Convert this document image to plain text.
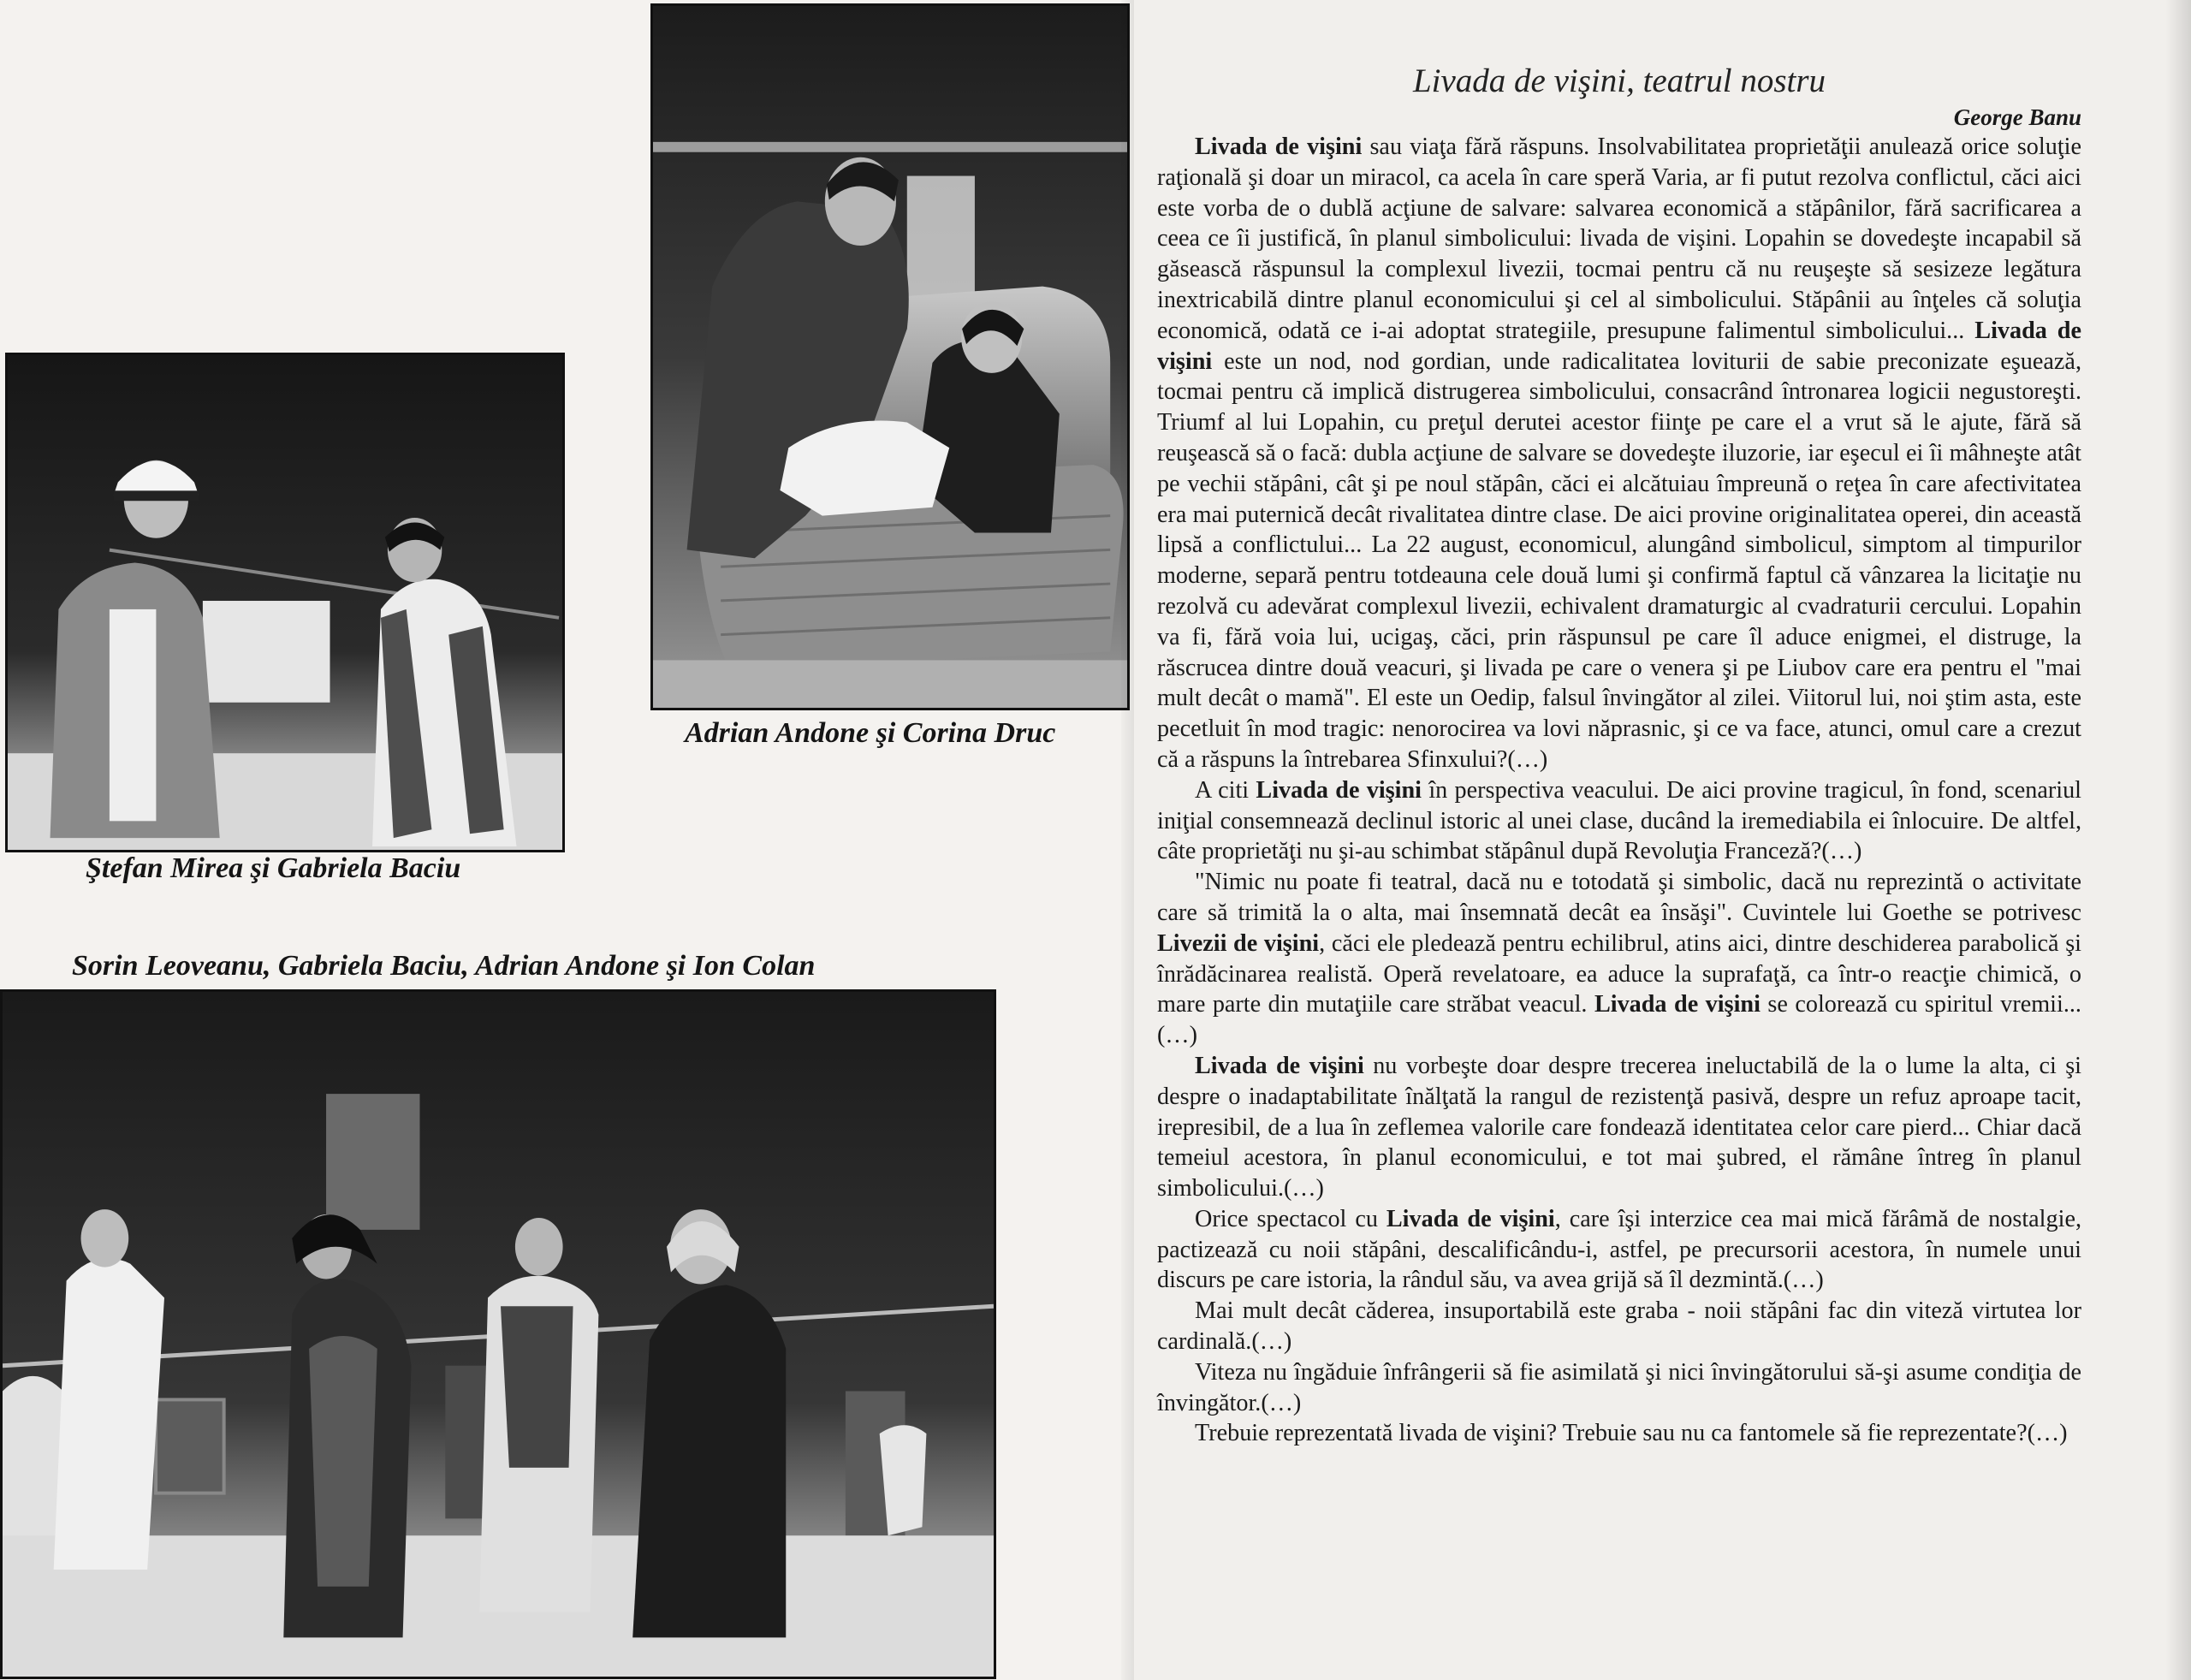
Adrian Andone şi Corina Druc
Ştefan Mirea şi Gabriela Baciu
Sorin Leoveanu, Gabriela Baciu, Adrian Andone şi Ion Colan
Livada de vişini, teatrul nostru
George Banu

Livada de vişini sau viaţa fără răspuns. Insolvabilitatea proprietăţii anulează orice soluţie raţională şi doar un miracol, ca acela în care speră Varia, ar fi putut rezolva conflictul, căci aici este vorba de o dublă acţiune de salvare: salvarea economică a stăpânilor, fără sacrificarea a ceea ce îi justifică, în planul simbolicului: livada de vişini. Lopahin se dovedeşte incapabil să găsească răspunsul la complexul livezii, tocmai pentru că nu reuşeşte să sesizeze legătura inextricabilă dintre planul economicului şi cel al simbolicului. Stăpânii au înţeles că soluţia economică, odată ce i-ai adoptat strategiile, presupune falimentul simbolicului... Livada de vişini este un nod, nod gordian, unde radicalitatea loviturii de sabie preconizate eşuează, tocmai pentru că implică distrugerea simbolicului, consacrând întronarea logicii negustoreşti. Triumf al lui Lopahin, cu preţul derutei acestor fiinţe pe care el a vrut să le ajute, fără să reuşească să o facă: dubla acţiune de salvare se dovedeşte iluzorie, iar eşecul ei îi mâhneşte atât pe vechii stăpâni, cât şi pe noul stăpân, căci ei alcătuiau împreună o reţea în care afectivitatea era mai puternică decât rivalitatea dintre clase. De aici provine originalitatea operei, din această lipsă a conflictului... La 22 august, economicul, alungând simbolicul, simptom al timpurilor moderne, separă pentru totdeauna cele două lumi şi confirmă faptul că vânzarea la licitaţie nu rezolvă cu adevărat complexul livezii, echivalent dramaturgic al cvadraturii cercului. Lopahin va fi, fără voia lui, ucigaş, căci, prin răspunsul pe care îl aduce enigmei, el distruge, la răscrucea dintre două veacuri, şi livada pe care o venera şi pe Liubov care era pentru el "mai mult decât o mamă". El este un Oedip, falsul învingător al zilei. Viitorul lui, noi ştim asta, este pecetluit în mod tragic: nenorocirea va lovi năprasnic, şi ce va face, atunci, omul care a crezut că a răspuns la întrebarea Sfinxului?(…)

A citi Livada de vişini în perspectiva veacului. De aici provine tragicul, în fond, scenariul iniţial consemnează declinul istoric al unei clase, ducând la iremediabila ei înlocuire. De altfel, câte proprietăţi nu şi-au schimbat stăpânul după Revoluţia Franceză?(…)

"Nimic nu poate fi teatral, dacă nu e totodată şi simbolic, dacă nu reprezintă o activitate care să trimită la o alta, mai însemnată decât ea însăşi". Cuvintele lui Goethe se potrivesc Livezii de vişini, căci ele pledează pentru echilibrul, atins aici, dintre deschiderea parabolică şi înrădăcinarea realistă. Operă revelatoare, ea aduce la suprafaţă, ca într-o reacţie chimică, o mare parte din mutaţiile care străbat veacul. Livada de vişini se colorează cu spiritul vremii...(…)

Livada de vişini nu vorbeşte doar despre trecerea ineluctabilă de la o lume la alta, ci şi despre o inadaptabilitate înălţată la rangul de rezistenţă pasivă, despre un refuz aproape tacit, irepresibil, de a lua în zeflemea valorile care fondează identitatea celor care pierd... Chiar dacă temeiul acestora, în planul economicului, e tot mai şubred, el rămâne întreg în planul simbolicului.(…)

Orice spectacol cu Livada de vişini, care îşi interzice cea mai mică fărâmă de nostalgie, pactizează cu noii stăpâni, descalificându-i, astfel, pe precursorii acestora, în numele unui discurs pe care istoria, la rândul său, va avea grijă să îl dezmintă.(…)

Mai mult decât căderea, insuportabilă este graba - noii stăpâni fac din viteză virtutea lor cardinală.(…)

Viteza nu îngăduie înfrângerii să fie asimilată şi nici învingătorului să-şi asume condiţia de învingător.(…)

Trebuie reprezentată livada de vişini? Trebuie sau nu ca fantomele să fie reprezentate?(…)
